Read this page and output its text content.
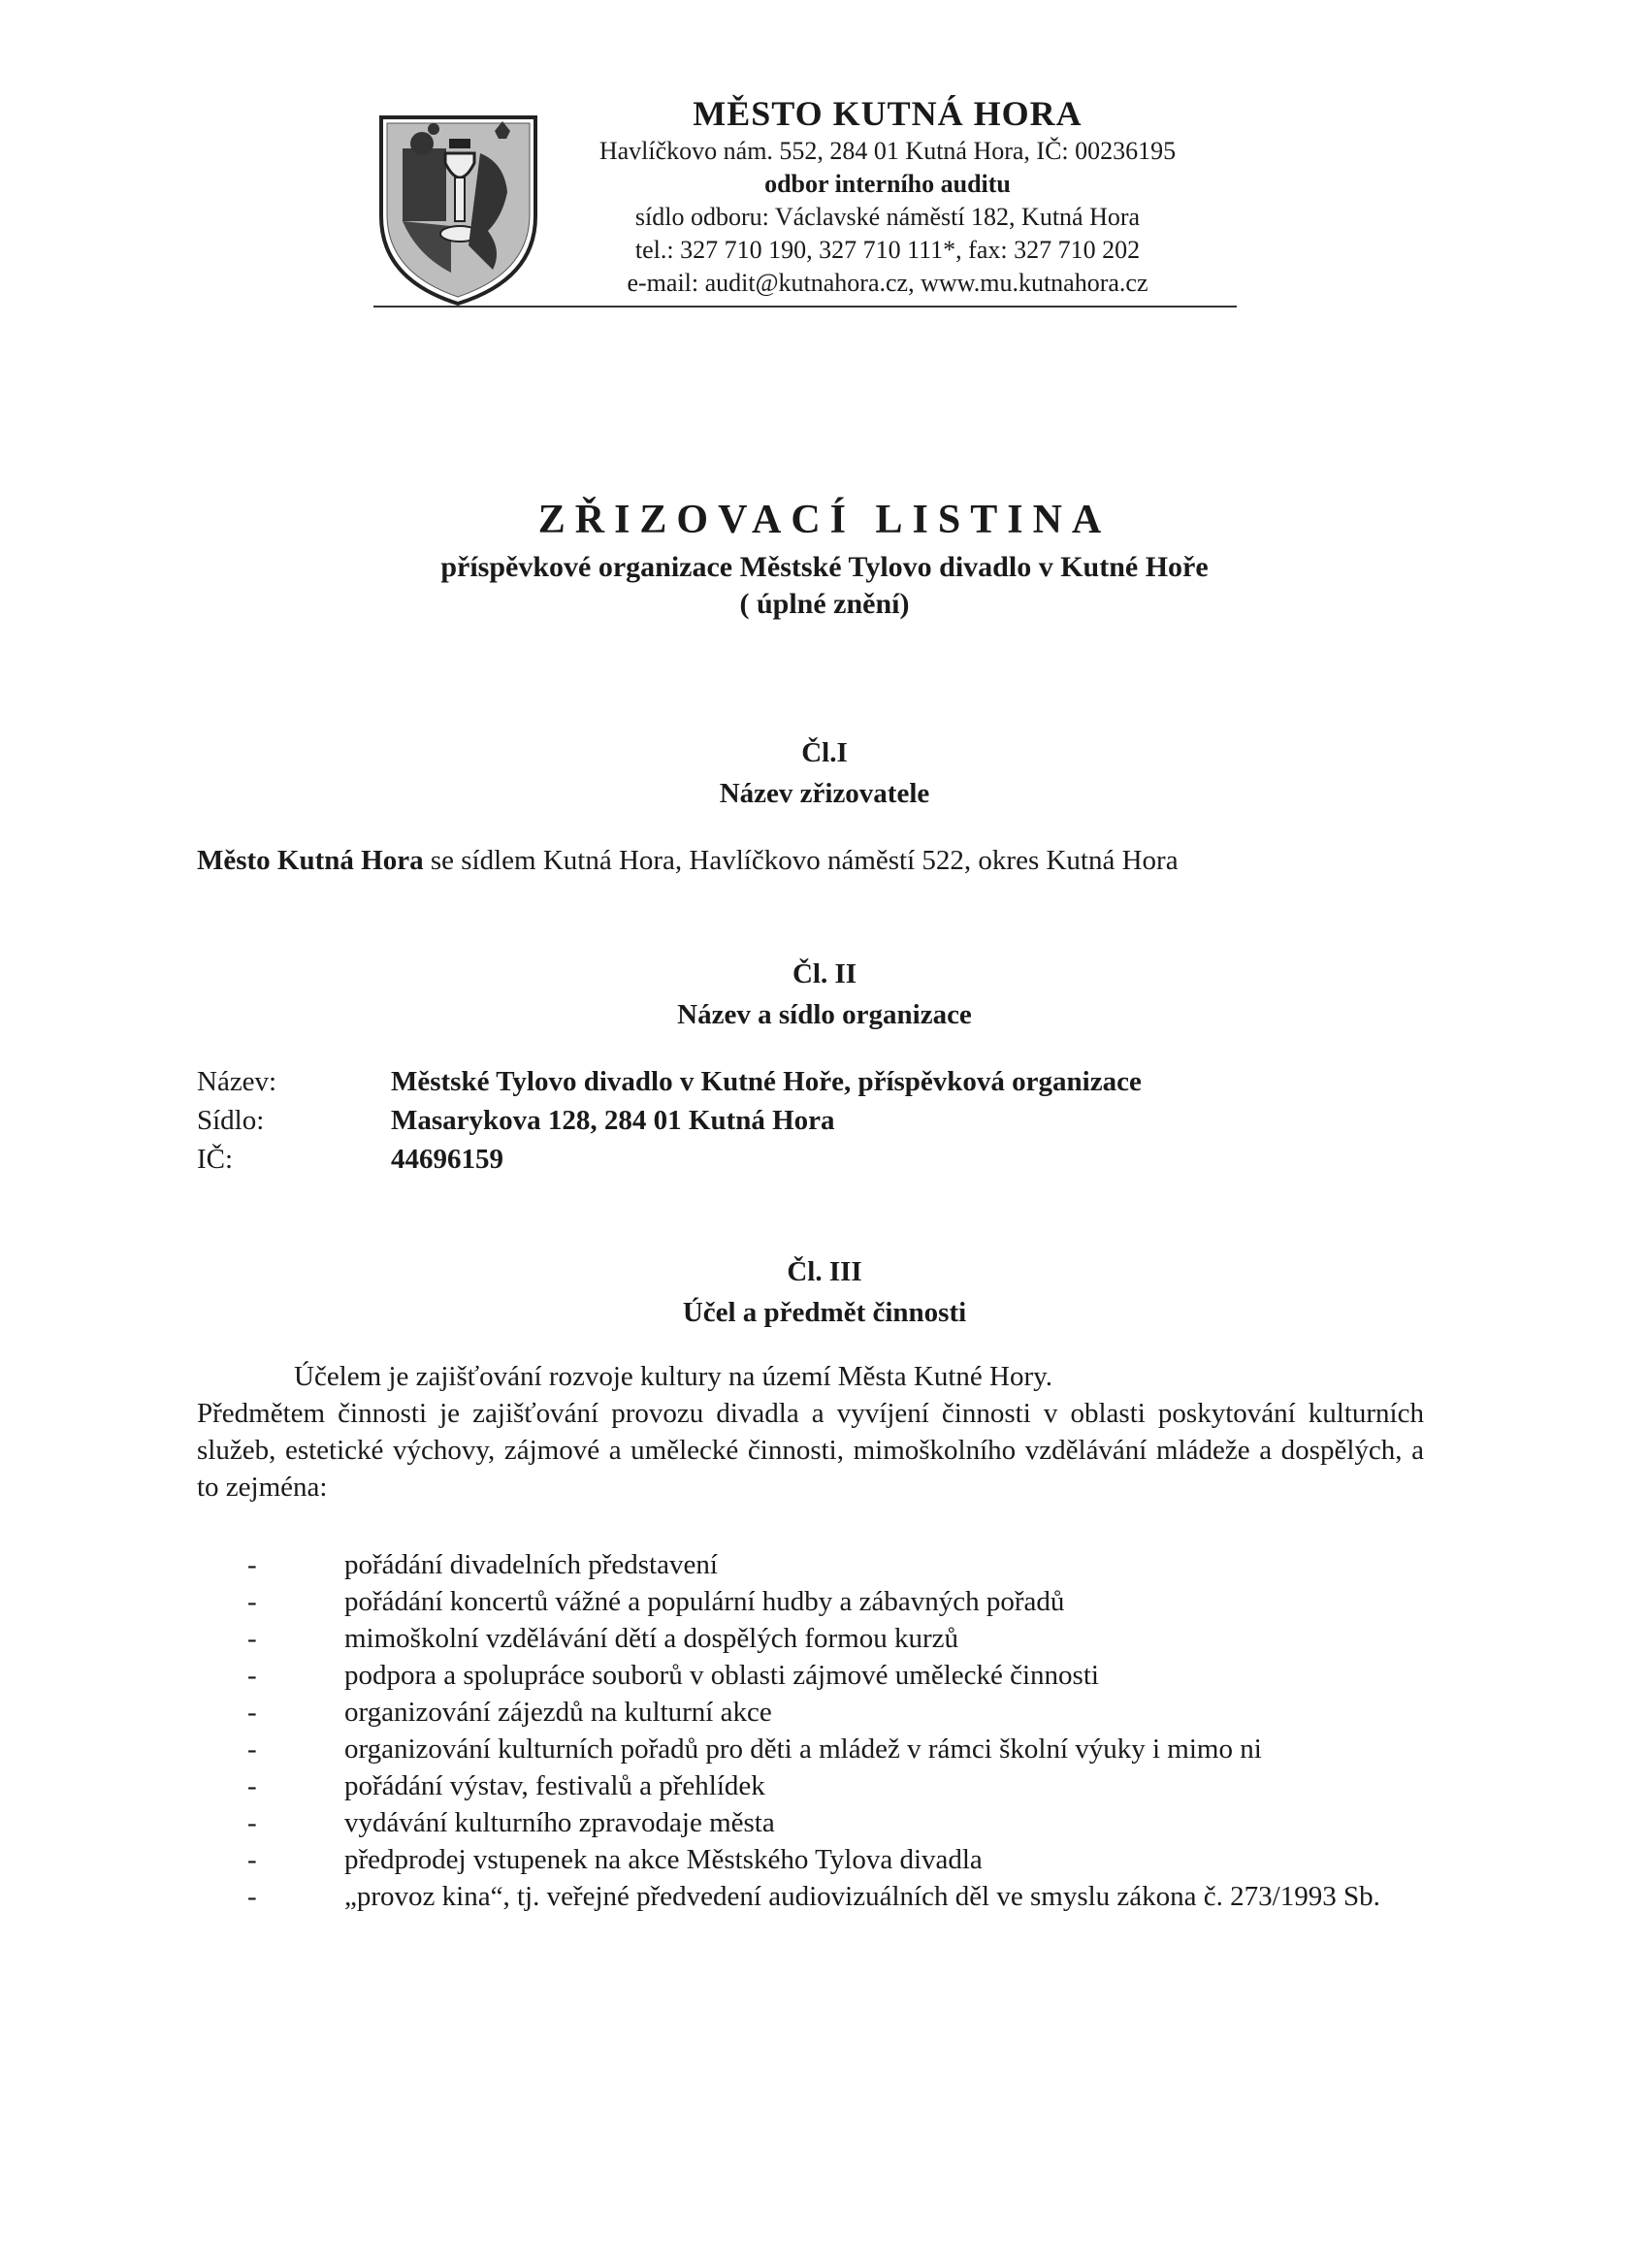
MĚSTO KUTNÁ HORA

Havlíčkovo nám. 552, 284 01 Kutná Hora, IČ: 00236195

odbor interního auditu

sídlo odboru: Václavské náměstí 182, Kutná Hora

tel.: 327 710 190, 327 710 111*, fax: 327 710 202

e-mail: audit@kutnahora.cz, www.mu.kutnahora.cz

ZŘIZOVACÍ LISTINA

příspěvkové organizace Městské Tylovo divadlo v Kutné Hoře

( úplné znění)

Čl.I

Název zřizovatele

Město Kutná Hora se sídlem Kutná Hora, Havlíčkovo náměstí 522, okres Kutná Hora

Čl. II

Název a sídlo organizace

Název:	Městské Tylovo divadlo v Kutné Hoře, příspěvková organizace
Sídlo:	Masarykova 128, 284 01 Kutná Hora
IČ:	44696159

Čl. III

Účel a předmět činnosti

Účelem je zajišťování rozvoje kultury na území Města Kutné Hory.

Předmětem činnosti je zajišťování provozu divadla a vyvíjení činnosti v oblasti poskytování kulturních služeb, estetické výchovy, zájmové a umělecké činnosti, mimoškolního vzdělávání mládeže a dospělých, a to zejména:

-	pořádání divadelních představení
-	pořádání koncertů vážné a populární hudby a zábavných pořadů
-	mimoškolní vzdělávání dětí a dospělých formou kurzů
-	podpora a spolupráce souborů v oblasti zájmové umělecké činnosti
-	organizování zájezdů na kulturní akce
-	organizování kulturních pořadů pro děti a mládež v rámci školní výuky i mimo ni
-	pořádání výstav, festivalů a přehlídek
-	vydávání kulturního zpravodaje města
-	předprodej vstupenek na akce Městského Tylova divadla
-	„provoz kina“, tj. veřejné předvedení audiovizuálních děl ve smyslu zákona č. 273/1993 Sb.
